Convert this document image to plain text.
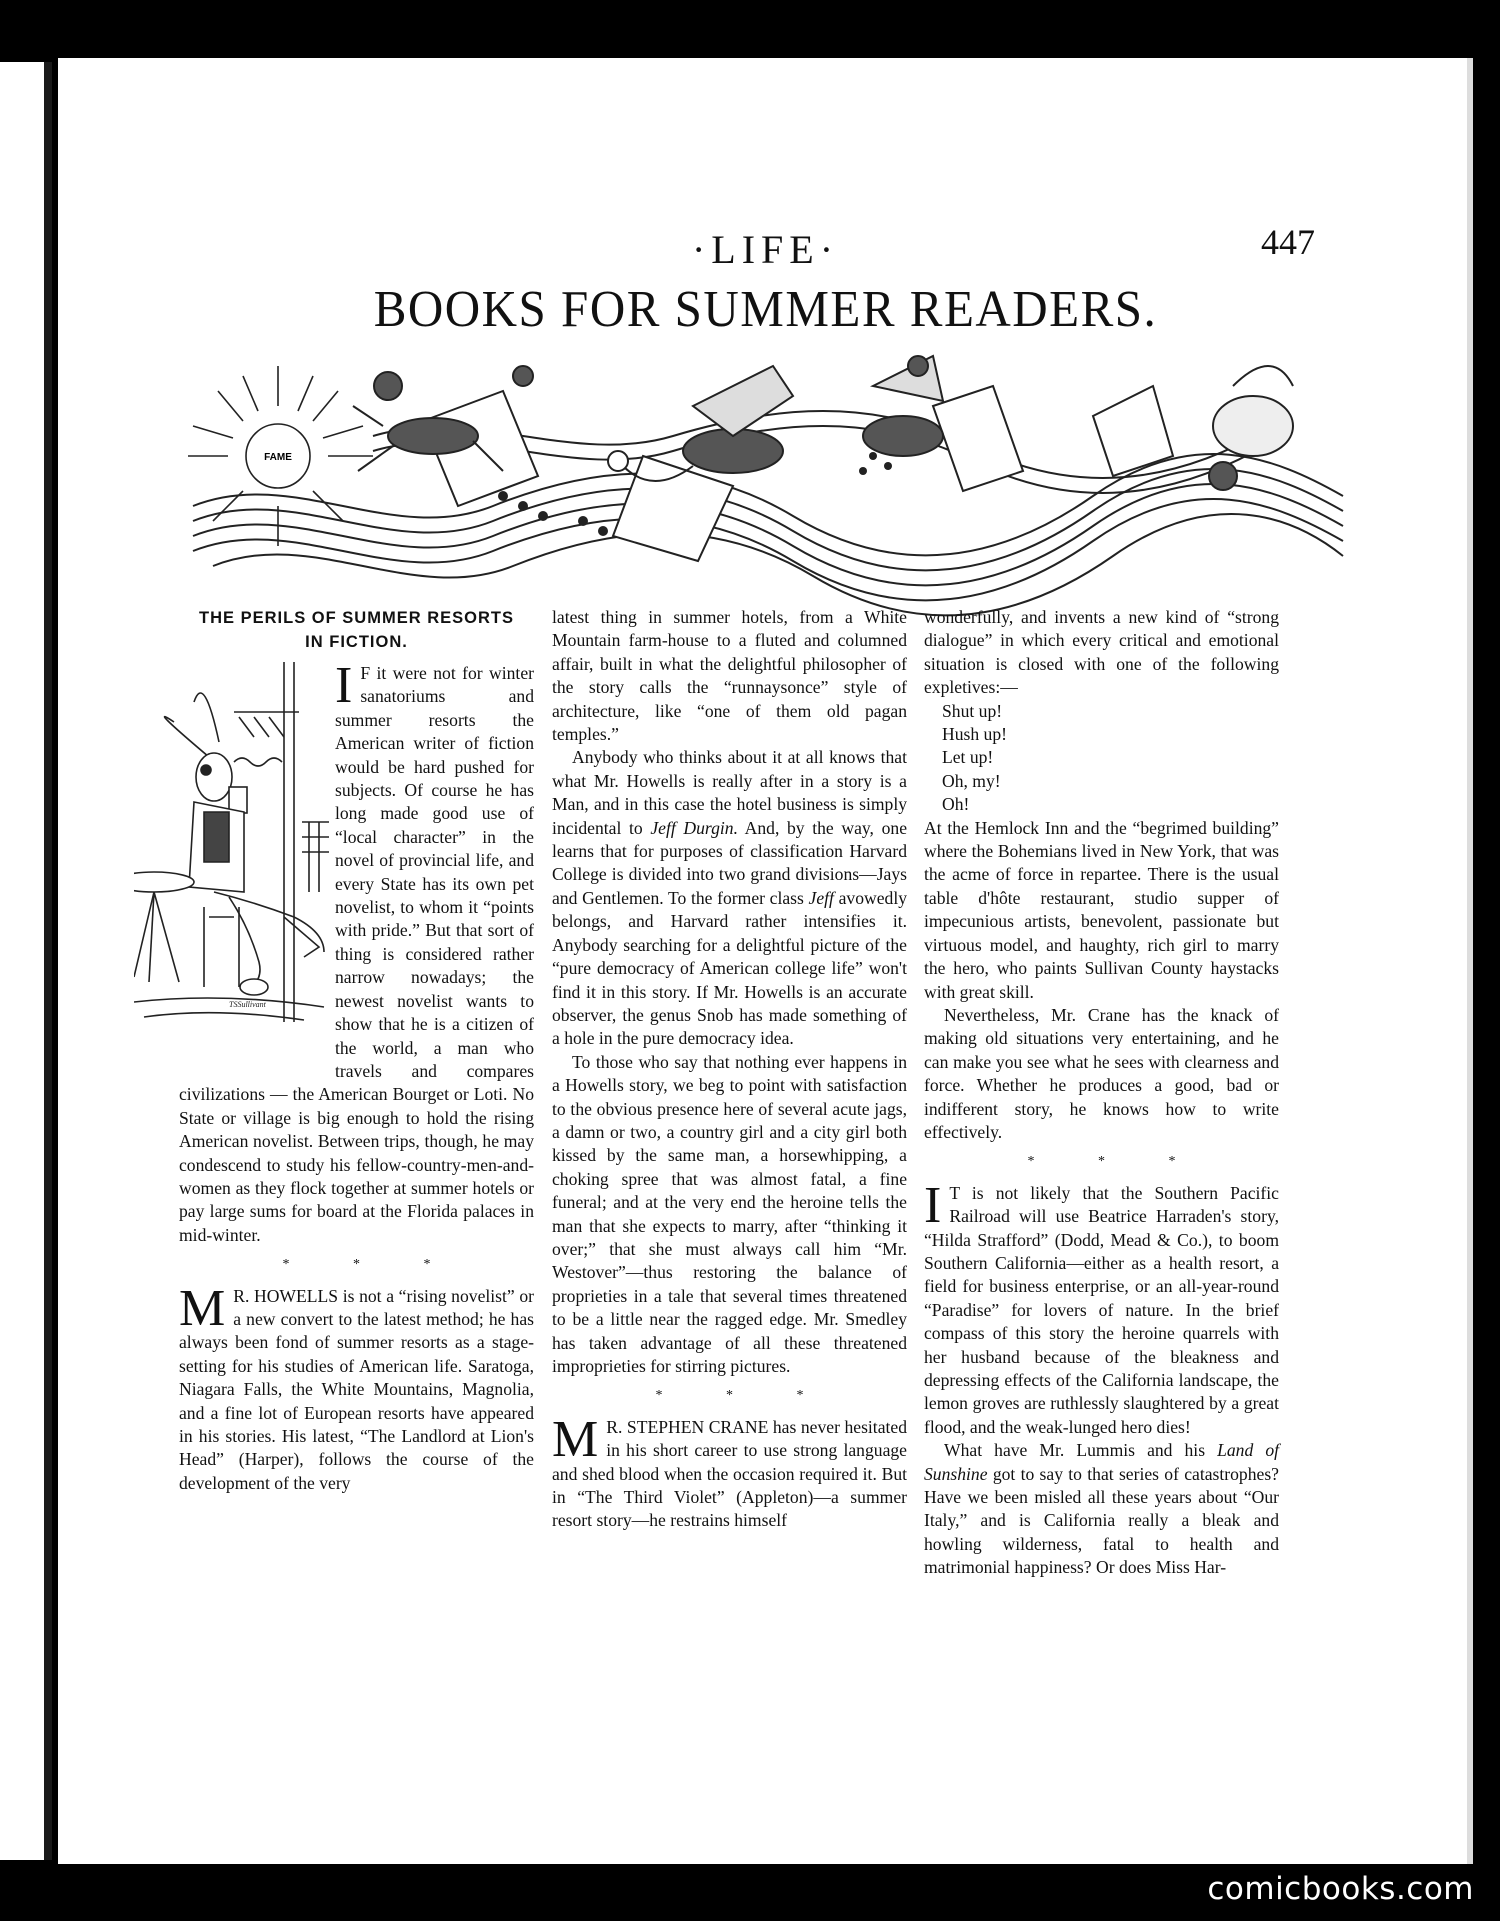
·LIFE·	447
BOOKS FOR SUMMER READERS.
FAME
THE PERILS OF SUMMER RESORTS
IN FICTION.
TSSullivant

I F it were not for winter sanatoriums and summer resorts the American writer of fiction would be hard pushed for subjects. Of course he has long made good use of “local character” in the novel of provincial life, and every State has its own pet novelist, to whom it “points with pride.” But that sort of thing is considered rather narrow nowadays; the newest novelist wants to show that he is a citizen of the world, a man who travels and compares civilizations — the American Bourget or Loti. No State or village is big enough to hold the rising American novelist. Between trips, though, he may condescend to study his fellow-country-men-and-women as they flock together at summer hotels or pay large sums for board at the Florida palaces in mid-winter.

* * *

M R. HOWELLS is not a “rising novelist” or a new convert to the latest method; he has always been fond of summer resorts as a stage-setting for his studies of American life. Saratoga, Niagara Falls, the White Mountains, Magnolia, and a fine lot of European resorts have appeared in his stories. His latest, “The Landlord at Lion's Head” (Harper), follows the course of the development of the very

latest thing in summer hotels, from a White Mountain farm-house to a fluted and columned affair, built in what the delightful philosopher of the story calls the “runnaysonce” style of architecture, like “one of them old pagan temples.”

Anybody who thinks about it at all knows that what Mr. Howells is really after in a story is a Man, and in this case the hotel business is simply incidental to Jeff Durgin. And, by the way, one learns that for purposes of classification Harvard College is divided into two grand divisions—Jays and Gentlemen. To the former class Jeff avowedly belongs, and Harvard rather intensifies it. Anybody searching for a delightful picture of the “pure democracy of American college life” won't find it in this story. If Mr. Howells is an accurate observer, the genus Snob has made something of a hole in the pure democracy idea.

To those who say that nothing ever happens in a Howells story, we beg to point with satisfaction to the obvious presence here of several acute jags, a damn or two, a country girl and a city girl both kissed by the same man, a horsewhipping, a choking spree that was almost fatal, a fine funeral; and at the very end the heroine tells the man that she expects to marry, after “thinking it over;” that she must always call him “Mr. Westover”—thus restoring the balance of proprieties in a tale that several times threatened to be a little near the ragged edge. Mr. Smedley has taken advantage of all these threatened improprieties for stirring pictures.

* * *

M R. STEPHEN CRANE has never hesitated in his short career to use strong language and shed blood when the occasion required it. But in “The Third Violet” (Appleton)—a summer resort story—he restrains himself

wonderfully, and invents a new kind of “strong dialogue” in which every critical and emotional situation is closed with one of the following expletives:—

Shut up!
Hush up!
Let up!
Oh, my!
Oh!

At the Hemlock Inn and the “begrimed building” where the Bohemians lived in New York, that was the acme of force in repartee. There is the usual table d'hôte restaurant, studio supper of impecunious artists, benevolent, passionate but virtuous model, and haughty, rich girl to marry the hero, who paints Sullivan County haystacks with great skill.

Nevertheless, Mr. Crane has the knack of making old situations very entertaining, and he can make you see what he sees with clearness and force. Whether he produces a good, bad or indifferent story, he knows how to write effectively.

* * *

I T is not likely that the Southern Pacific Railroad will use Beatrice Harraden's story, “Hilda Strafford” (Dodd, Mead & Co.), to boom Southern California—either as a health resort, a field for business enterprise, or an all-year-round “Paradise” for lovers of nature. In the brief compass of this story the heroine quarrels with her husband because of the bleakness and depressing effects of the California landscape, the lemon groves are ruthlessly slaughtered by a great flood, and the weak-lunged hero dies!

What have Mr. Lummis and his Land of Sunshine got to say to that series of catastrophes? Have we been misled all these years about “Our Italy,” and is California really a bleak and howling wilderness, fatal to health and matrimonial happiness? Or does Miss Har-

comicbooks.com
